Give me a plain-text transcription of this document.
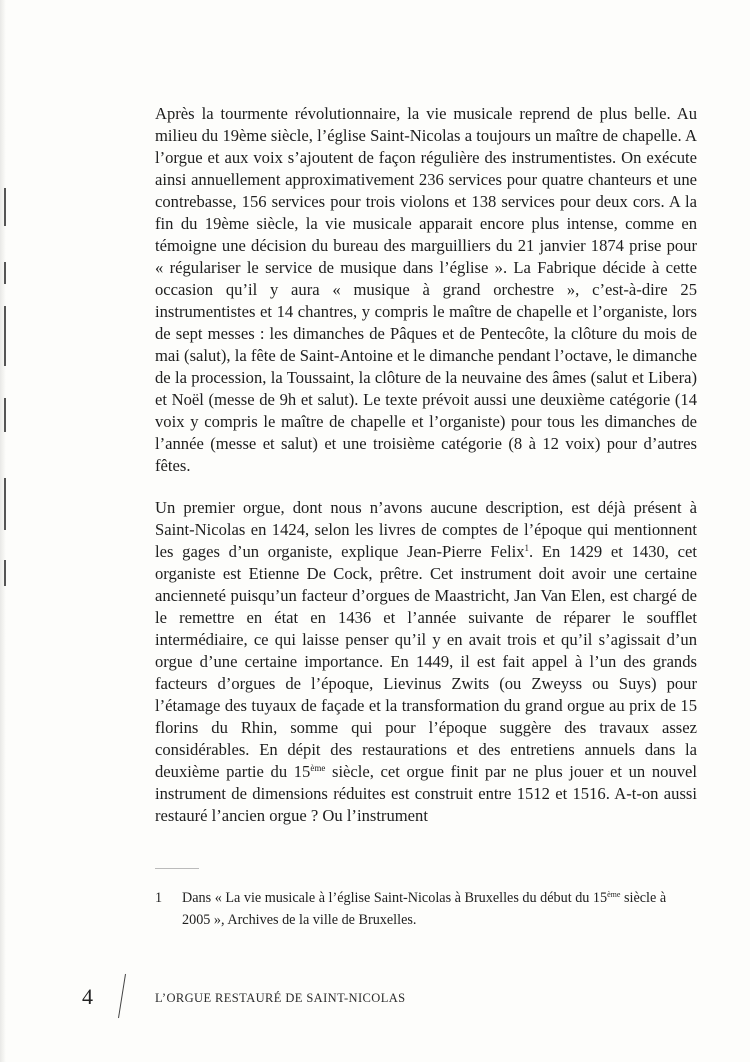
Après la tourmente révolutionnaire, la vie musicale reprend de plus belle. Au milieu du 19ème siècle, l’église Saint-Nicolas a toujours un maître de chapelle. A l’orgue et aux voix s’ajoutent de façon régulière des instrumentistes. On exécute ainsi annuellement approximativement 236 services pour quatre chanteurs et une contrebasse, 156 services pour trois violons et 138 services pour deux cors. A la fin du 19ème siècle, la vie musicale apparait encore plus intense, comme en témoigne une décision du bureau des marguilliers du 21 janvier 1874 prise pour « régulariser le service de musique dans l’église ». La Fabrique décide à cette occasion qu’il y aura « musique à grand orchestre », c’est-à-dire 25 instrumentistes et 14 chantres, y compris le maître de chapelle et l’organiste, lors de sept messes : les dimanches de Pâques et de Pentecôte, la clôture du mois de mai (salut), la fête de Saint-Antoine et le dimanche pendant l’octave, le dimanche de la procession, la Toussaint, la clôture de la neuvaine des âmes (salut et Libera) et Noël (messe de 9h et salut). Le texte prévoit aussi une deuxième catégorie (14 voix y compris le maître de chapelle et l’organiste) pour tous les dimanches de l’année (messe et salut) et une troisième catégorie (8 à 12 voix) pour d’autres fêtes.

Un premier orgue, dont nous n’avons aucune description, est déjà présent à Saint-Nicolas en 1424, selon les livres de comptes de l’époque qui mentionnent les gages d’un organiste, explique Jean-Pierre Felix$^1$. En 1429 et 1430, cet organiste est Etienne De Cock, prêtre. Cet instrument doit avoir une certaine ancienneté puisqu’un facteur d’orgues de Maastricht, Jan Van Elen, est chargé de le remettre en état en 1436 et l’année suivante de réparer le soufflet intermédiaire, ce qui laisse penser qu’il y en avait trois et qu’il s’agissait d’un orgue d’une certaine importance. En 1449, il est fait appel à l’un des grands facteurs d’orgues de l’époque, Lievinus Zwits (ou Zweyss ou Suys) pour l’étamage des tuyaux de façade et la transformation du grand orgue au prix de 15 florins du Rhin, somme qui pour l’époque suggère des travaux assez considérables. En dépit des restaurations et des entretiens annuels dans la deuxième partie du 15ème siècle, cet orgue finit par ne plus jouer et un nouvel instrument de dimensions réduites est construit entre 1512 et 1516. A-t-on aussi restauré l’ancien orgue ? Ou l’instrument

1 Dans « La vie musicale à l’église Saint-Nicolas à Bruxelles du début du 15ème siècle à 2005 », Archives de la ville de Bruxelles.
4	L’ORGUE RESTAURÉ DE SAINT-NICOLAS
